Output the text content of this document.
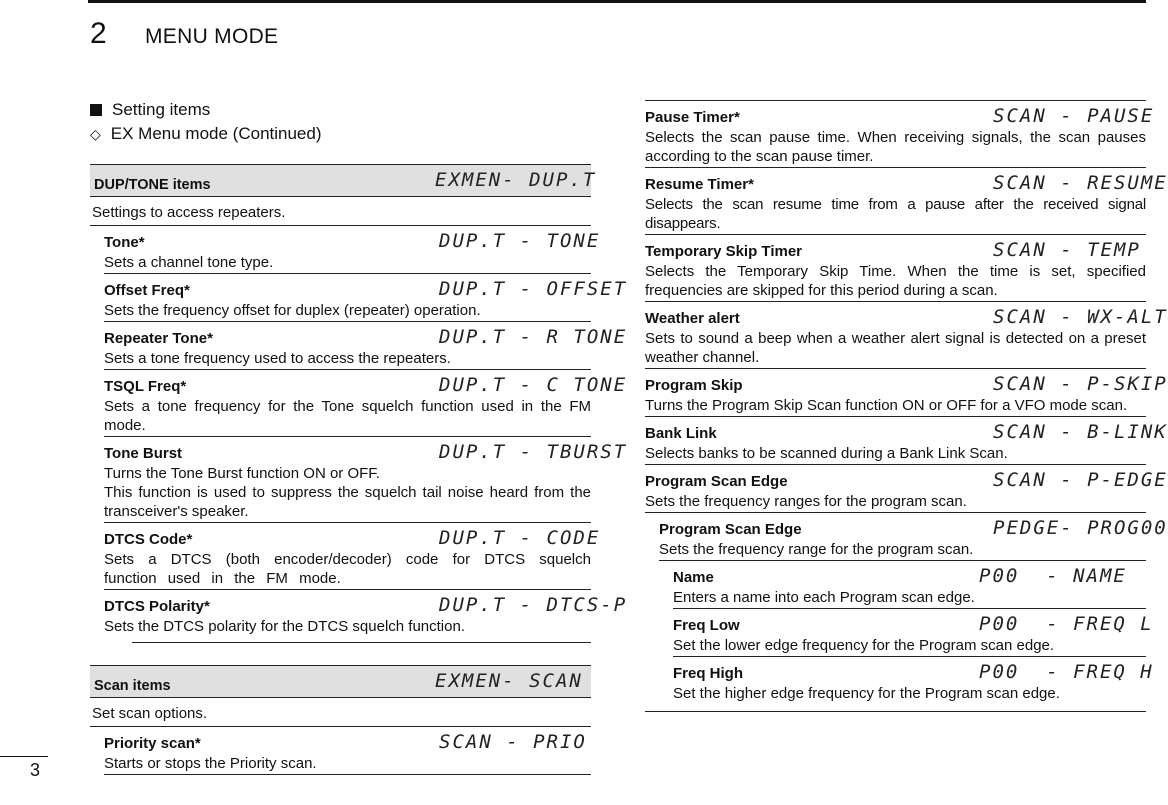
2 MENU MODE
Setting items
◇ EX Menu mode (Continued)
DUP/TONE items	EXMEN- DUP.T
Settings to access repeaters.
Tone*	DUP.T - TONE
Sets a channel tone type.
Offset Freq*	DUP.T - OFFSET
Sets the frequency offset for duplex (repeater) operation.
Repeater Tone*	DUP.T - R TONE
Sets a tone frequency used to access the repeaters.
TSQL Freq*	DUP.T - C TONE
Sets a tone frequency for the Tone squelch function used in the FM mode.
Tone Burst	DUP.T - TBURST
Turns the Tone Burst function ON or OFF.
This function is used to suppress the squelch tail noise heard from the transceiver's speaker.
DTCS Code*	DUP.T - CODE
Sets a DTCS (both encoder/decoder) code for DTCS squelch function used in the FM mode.
DTCS Polarity*	DUP.T - DTCS-P
Sets the DTCS polarity for the DTCS squelch function.
Scan items	EXMEN- SCAN
Set scan options.
Priority scan*	SCAN - PRIO
Starts or stops the Priority scan.
Pause Timer*	SCAN - PAUSE
Selects the scan pause time. When receiving signals, the scan pauses according to the scan pause timer.
Resume Timer*	SCAN - RESUME
Selects the scan resume time from a pause after the received signal disappears.
Temporary Skip Timer	SCAN - TEMP
Selects the Temporary Skip Time. When the time is set, specified frequencies are skipped for this period during a scan.
Weather alert	SCAN - WX-ALT
Sets to sound a beep when a weather alert signal is detected on a preset weather channel.
Program Skip	SCAN - P-SKIP
Turns the Program Skip Scan function ON or OFF for a VFO mode scan.
Bank Link	SCAN - B-LINK
Selects banks to be scanned during a Bank Link Scan.
Program Scan Edge	SCAN - P-EDGE
Sets the frequency ranges for the program scan.
Program Scan Edge	PEDGE- PROG00
Sets the frequency range for the program scan.
Name	P00  - NAME
Enters a name into each Program scan edge.
Freq Low	P00  - FREQ L
Set the lower edge frequency for the Program scan edge.
Freq High	P00  - FREQ H
Set the higher edge frequency for the Program scan edge.
3
